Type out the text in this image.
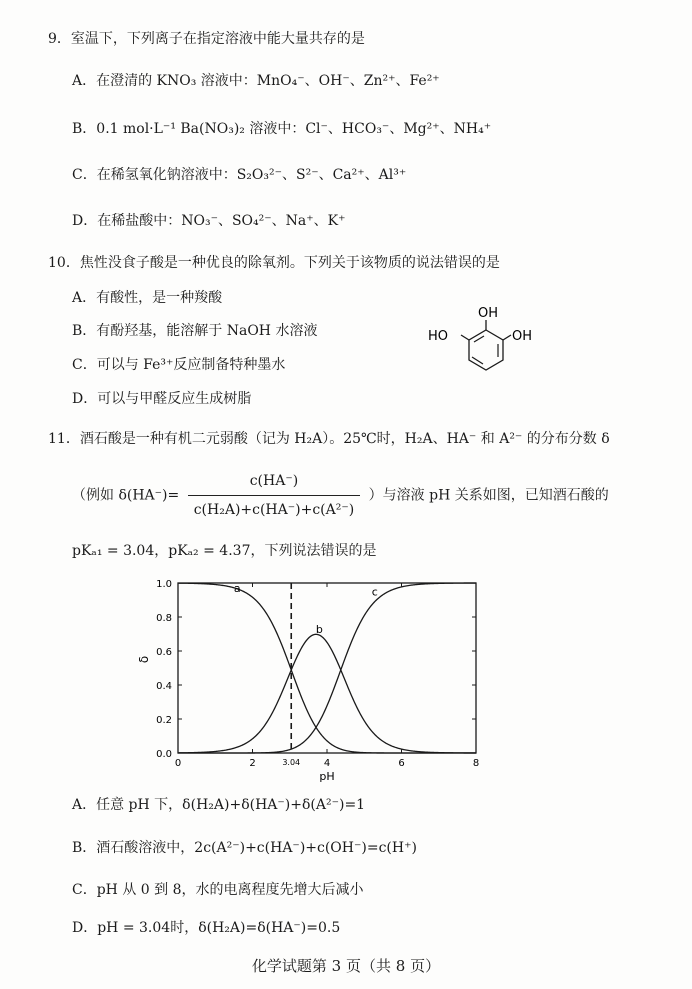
9．室温下，下列离子在指定溶液中能大量共存的是
A．在澄清的 KNO₃ 溶液中：MnO₄⁻、OH⁻、Zn²⁺、Fe²⁺
B．0.1 mol·L⁻¹ Ba(NO₃)₂ 溶液中：Cl⁻、HCO₃⁻、Mg²⁺、NH₄⁺
C．在稀氢氧化钠溶液中：S₂O₃²⁻、S²⁻、Ca²⁺、Al³⁺
D．在稀盐酸中：NO₃⁻、SO₄²⁻、Na⁺、K⁺
10．焦性没食子酸是一种优良的除氧剂。下列关于该物质的说法错误的是
A．有酸性，是一种羧酸
B．有酚羟基，能溶解于 NaOH 水溶液
C．可以与 Fe³⁺反应制备特种墨水
D．可以与甲醛反应生成树脂
OH
HO	OH
11．酒石酸是一种有机二元弱酸（记为 H₂A）。25℃时，H₂A、HA⁻ 和 A²⁻ 的分布分数 δ
（例如 $\delta(HA^-)= \frac{c(HA^-)}{\text{c(H₂A)+c(HA⁻)+c(A²⁻)}}$ ）与溶液 pH 关系如图，已知酒石酸的
pKₐ₁ = 3.04，pKₐ₂ = 4.37，下列说法错误的是
0.0
0.2
0.4
0.6
0.8
1.0
0	2	3.04 4	6	8
pH
δ
a
b
c
A．任意 pH 下，δ(H₂A)+δ(HA⁻)+δ(A²⁻)=1
B．酒石酸溶液中，2c(A²⁻)+c(HA⁻)+c(OH⁻)=c(H⁺)
C．pH 从 0 到 8，水的电离程度先增大后减小
D．pH = 3.04时，δ(H₂A)=δ(HA⁻)=0.5
化学试题第 3 页（共 8 页）
